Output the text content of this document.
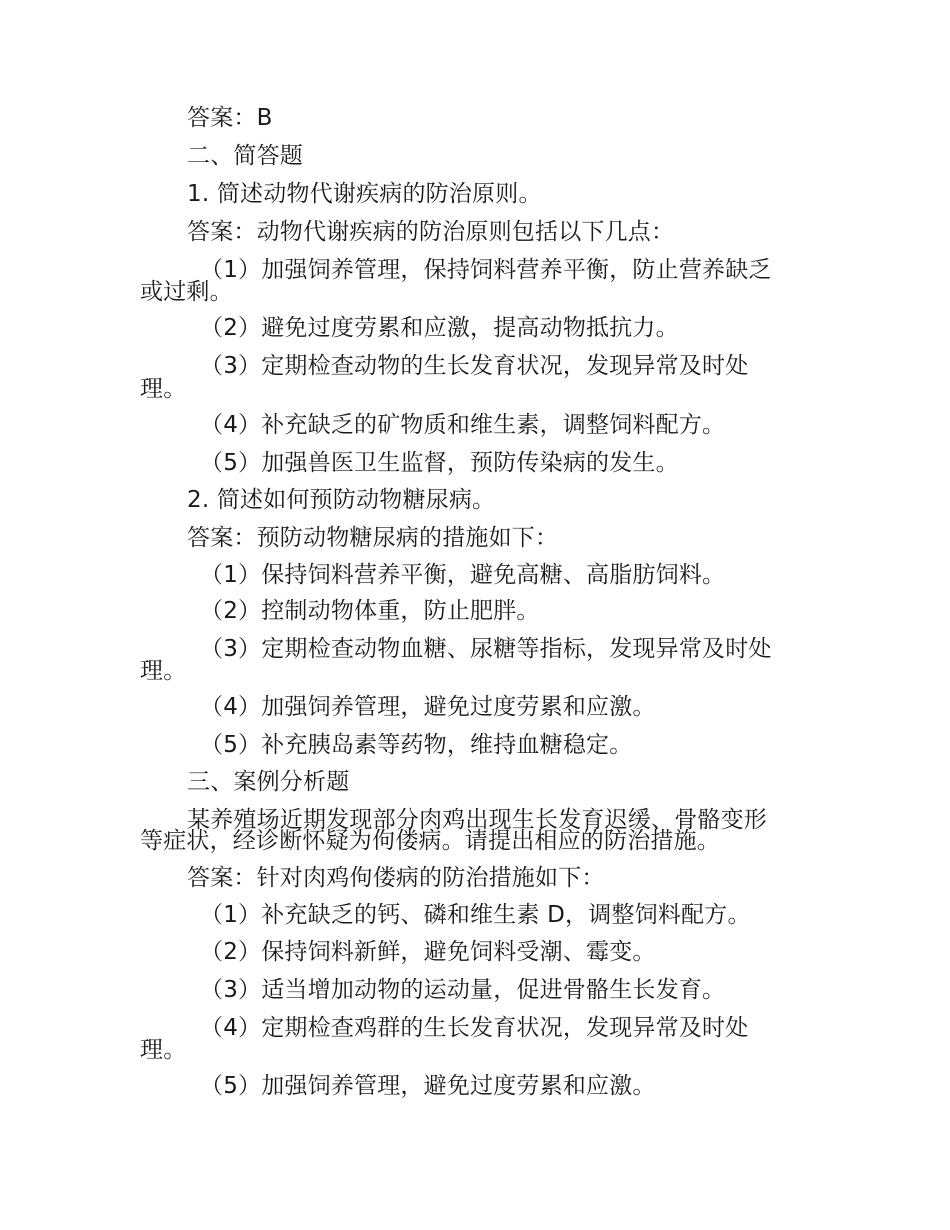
答案：B

二、简答题

1. 简述动物代谢疾病的防治原则。

答案：动物代谢疾病的防治原则包括以下几点：

（1）加强饲养管理，保持饲料营养平衡，防止营养缺乏

或过剩。

（2）避免过度劳累和应激，提高动物抵抗力。

（3）定期检查动物的生长发育状况，发现异常及时处

理。

（4）补充缺乏的矿物质和维生素，调整饲料配方。

（5）加强兽医卫生监督，预防传染病的发生。

2. 简述如何预防动物糖尿病。

答案：预防动物糖尿病的措施如下：

（1）保持饲料营养平衡，避免高糖、高脂肪饲料。

（2）控制动物体重，防止肥胖。

（3）定期检查动物血糖、尿糖等指标，发现异常及时处

理。

（4）加强饲养管理，避免过度劳累和应激。

（5）补充胰岛素等药物，维持血糖稳定。

三、案例分析题

某养殖场近期发现部分肉鸡出现生长发育迟缓、骨骼变形

等症状，经诊断怀疑为佝偻病。请提出相应的防治措施。

答案：针对肉鸡佝偻病的防治措施如下：

（1）补充缺乏的钙、磷和维生素 D，调整饲料配方。

（2）保持饲料新鲜，避免饲料受潮、霉变。

（3）适当增加动物的运动量，促进骨骼生长发育。

（4）定期检查鸡群的生长发育状况，发现异常及时处

理。

（5）加强饲养管理，避免过度劳累和应激。
